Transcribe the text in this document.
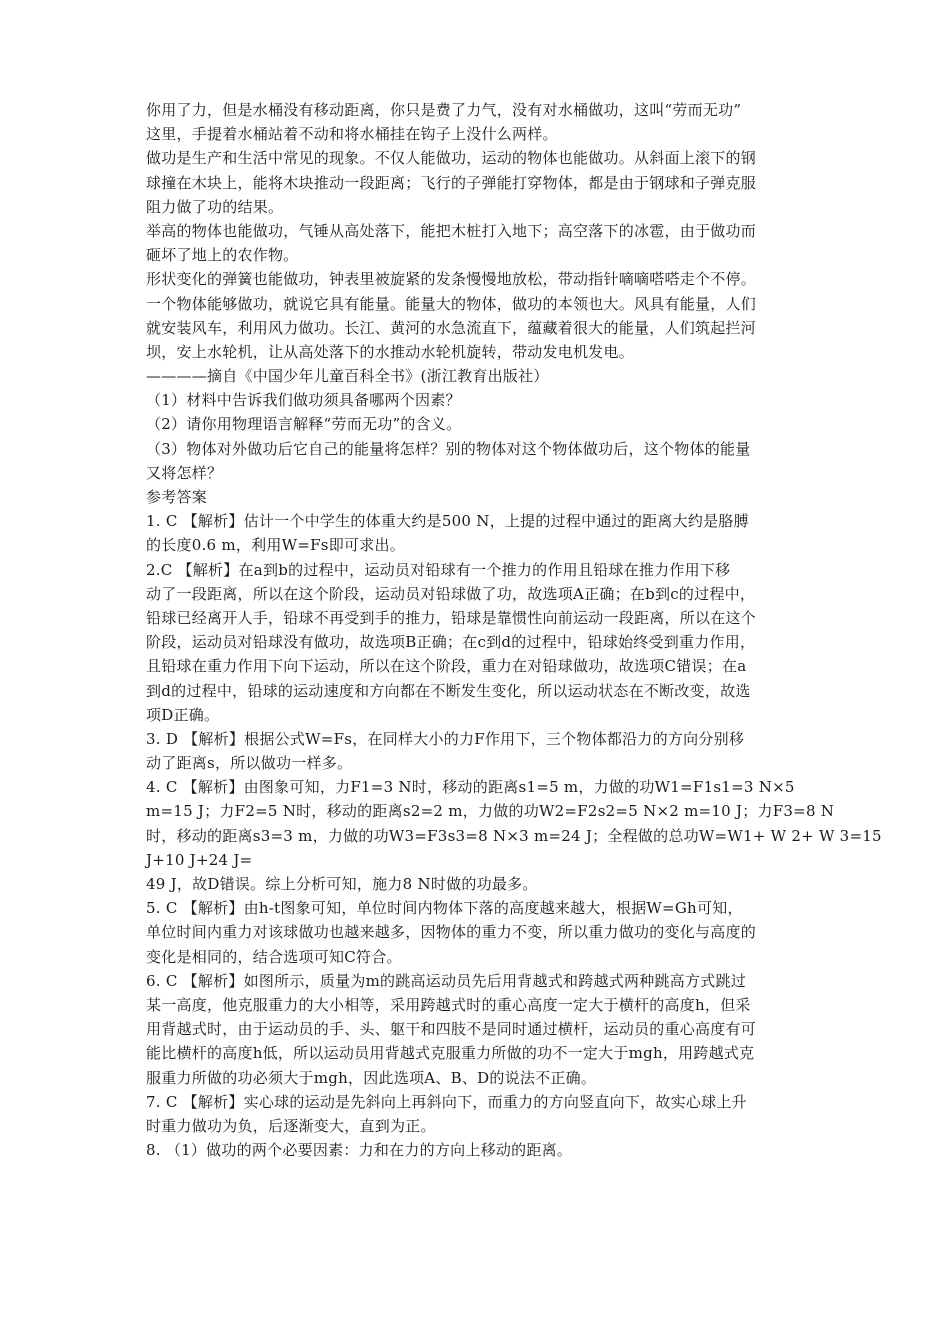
你用了力，但是水桶没有移动距离，你只是费了力气，没有对水桶做功，这叫“劳而无功”
这里，手提着水桶站着不动和将水桶挂在钩子上没什么两样。
做功是生产和生活中常见的现象。不仅人能做功，运动的物体也能做功。从斜面上滚下的钢
球撞在木块上，能将木块推动一段距离；飞行的子弹能打穿物体，都是由于钢球和子弹克服
阻力做了功的结果。
举高的物体也能做功，气锤从高处落下，能把木桩打入地下；高空落下的冰雹，由于做功而
砸坏了地上的农作物。
形状变化的弹簧也能做功，钟表里被旋紧的发条慢慢地放松，带动指针嘀嘀嗒嗒走个不停。
一个物体能够做功，就说它具有能量。能量大的物体，做功的本领也大。风具有能量，人们
就安装风车，利用风力做功。长江、黄河的水急流直下，蕴藏着很大的能量，人们筑起拦河
坝，安上水轮机，让从高处落下的水推动水轮机旋转，带动发电机发电。
————摘自《中国少年儿童百科全书》(浙江教育出版社）
（1）材料中告诉我们做功须具备哪两个因素？
（2）请你用物理语言解释“劳而无功”的含义。
（3）物体对外做功后它自己的能量将怎样？别的物体对这个物体做功后，这个物体的能量
又将怎样？
参考答案
1. C 【解析】估计一个中学生的体重大约是500 N，上提的过程中通过的距离大约是胳膊
的长度0.6 m，利用W=Fs即可求出。
2.C 【解析】在a到b的过程中，运动员对铅球有一个推力的作用且铅球在推力作用下移
动了一段距离，所以在这个阶段，运动员对铅球做了功，故选项A正确；在b到c的过程中，
铅球已经离开人手，铅球不再受到手的推力，铅球是靠惯性向前运动一段距离，所以在这个
阶段，运动员对铅球没有做功，故选项B正确；在c到d的过程中，铅球始终受到重力作用，
且铅球在重力作用下向下运动，所以在这个阶段，重力在对铅球做功，故选项C错误；在a
到d的过程中，铅球的运动速度和方向都在不断发生变化，所以运动状态在不断改变，故选
项D正确。
3. D 【解析】根据公式W=Fs，在同样大小的力F作用下，三个物体都沿力的方向分别移
动了距离s，所以做功一样多。
4. C 【解析】由图象可知，力F1=3 N时，移动的距离s1=5 m，力做的功W1=F1s1=3 N×5
m=15 J；力F2=5 N时，移动的距离s2=2 m，力做的功W2=F2s2=5 N×2 m=10 J；力F3=8 N
时，移动的距离s3=3 m，力做的功W3=F3s3=8 N×3 m=24 J；全程做的总功W=W1+ W 2+ W 3=15
J+10 J+24 J=
49 J，故D错误。综上分析可知，施力8 N时做的功最多。
5. C 【解析】由h-t图象可知，单位时间内物体下落的高度越来越大，根据W=Gh可知，
单位时间内重力对该球做功也越来越多，因物体的重力不变，所以重力做功的变化与高度的
变化是相同的，结合选项可知C符合。
6. C 【解析】如图所示，质量为m的跳高运动员先后用背越式和跨越式两种跳高方式跳过
某一高度，他克服重力的大小相等，采用跨越式时的重心高度一定大于横杆的高度h，但采
用背越式时，由于运动员的手、头、躯干和四肢不是同时通过横杆，运动员的重心高度有可
能比横杆的高度h低，所以运动员用背越式克服重力所做的功不一定大于mgh，用跨越式克
服重力所做的功必须大于mgh，因此选项A、B、D的说法不正确。
7. C 【解析】实心球的运动是先斜向上再斜向下，而重力的方向竖直向下，故实心球上升
时重力做功为负，后逐渐变大，直到为正。
8. （1）做功的两个必要因素：力和在力的方向上移动的距离。
